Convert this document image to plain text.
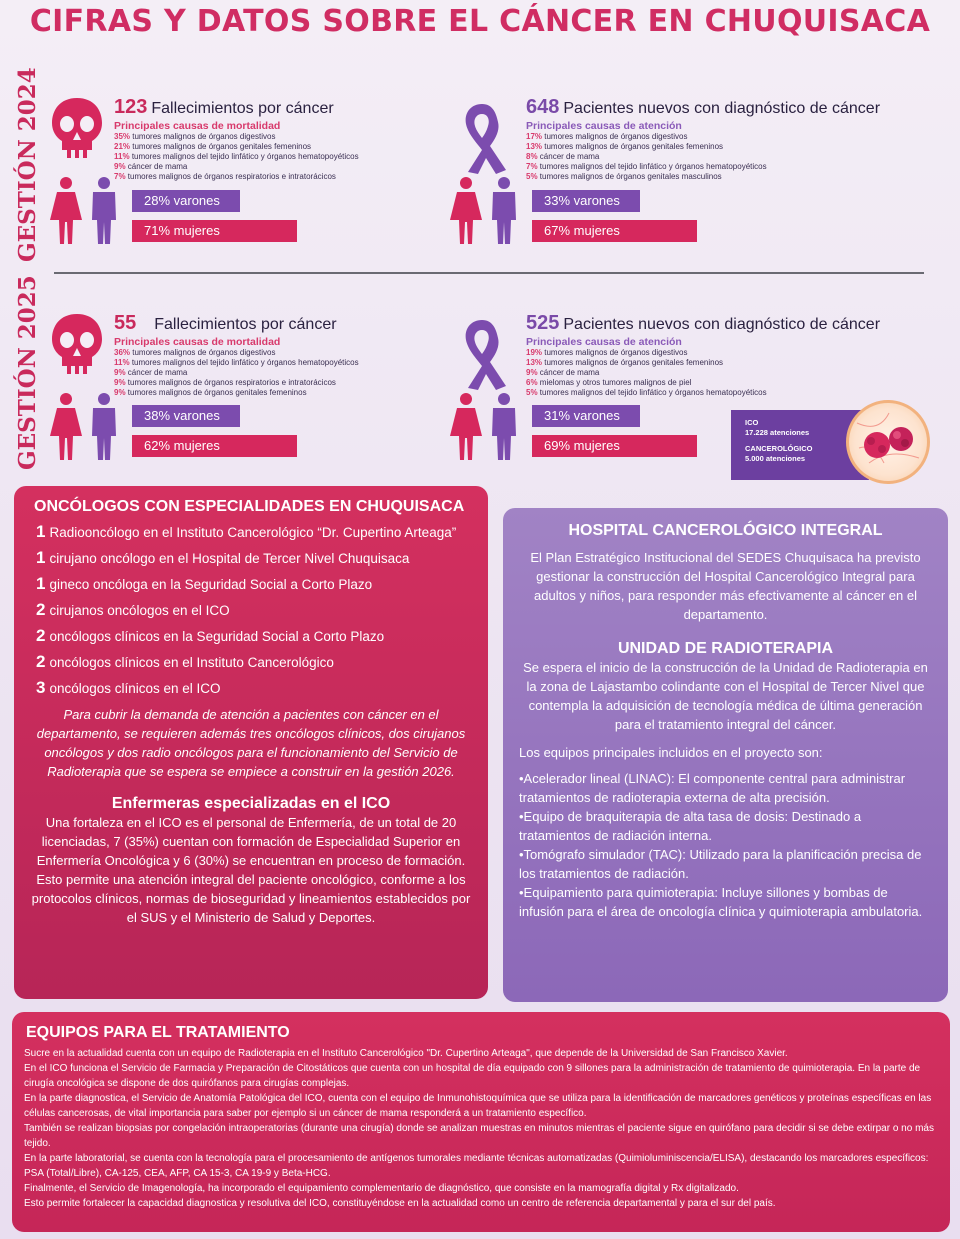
CIFRAS Y DATOS SOBRE EL CÁNCER EN CHUQUISACA
GESTIÓN 2024
GESTIÓN 2025
123 Fallecimientos por cáncer
Principales causas de mortalidad
35% tumores malignos de órganos digestivos
21% tumores malignos de órganos genitales femeninos
11% tumores malignos del tejido linfático y órganos hematopoyéticos
9% cáncer de mama
7% tumores malignos de órganos respiratorios e intratorácicos
28% varones
71% mujeres
648 Pacientes nuevos con diagnóstico de cáncer
Principales causas de atención
17% tumores malignos de órganos digestivos
13% tumores malignos de órganos genitales femeninos
8% cáncer de mama
7% tumores malignos del tejido linfático y órganos hematopoyéticos
5% tumores malignos de órganos genitales masculinos
33% varones
67% mujeres
55 Fallecimientos por cáncer
Principales causas de mortalidad
36% tumores malignos de órganos digestivos
11% tumores malignos del tejido linfático y órganos hematopoyéticos
9% cáncer de mama
9% tumores malignos de órganos respiratorios e intratorácicos
9% tumores malignos de órganos genitales femeninos
38% varones
62% mujeres
525 Pacientes nuevos con diagnóstico de cáncer
Principales causas de atención
19% tumores malignos de órganos digestivos
13% tumores malignos de órganos genitales femeninos
9% cáncer de mama
6% mielomas y otros tumores malignos de piel
5% tumores malignos del tejido linfático y órganos hematopoyéticos
31% varones
69% mujeres
ICO
17.228 atenciones
CANCEROLÓGICO
5.000 atenciones
ONCÓLOGOS CON ESPECIALIDADES EN CHUQUISACA
1 Radiooncólogo en el Instituto Cancerológico “Dr. Cupertino Arteaga”
1 cirujano oncólogo en el Hospital de Tercer Nivel Chuquisaca
1 gineco oncóloga en la Seguridad Social a Corto Plazo
2 cirujanos oncólogos en el ICO
2 oncólogos clínicos en la Seguridad Social a Corto Plazo
2 oncólogos clínicos en el Instituto Cancerológico
3 oncólogos clínicos en el ICO
Para cubrir la demanda de atención a pacientes con cáncer en el departamento, se requieren además tres oncólogos clínicos, dos cirujanos oncólogos y dos radio oncólogos para el funcionamiento del Servicio de Radioterapia que se espera se empiece a construir en la gestión 2026.
Enfermeras especializadas en el ICO
Una fortaleza en el ICO es el personal de Enfermería, de un total de 20 licenciadas, 7 (35%) cuentan con formación de Especialidad Superior en Enfermería Oncológica y 6 (30%) se encuentran en proceso de formación. Esto permite una atención integral del paciente oncológico, conforme a los protocolos clínicos, normas de bioseguridad y lineamientos establecidos por el SUS y el Ministerio de Salud y Deportes.
HOSPITAL CANCEROLÓGICO INTEGRAL
El Plan Estratégico Institucional del SEDES Chuquisaca ha previsto gestionar la construcción del Hospital Cancerológico Integral para adultos y niños, para responder más efectivamente al cáncer en el departamento.
UNIDAD DE RADIOTERAPIA
Se espera el inicio de la construcción de la Unidad de Radioterapia en la zona de Lajastambo colindante con el Hospital de Tercer Nivel que contempla la adquisición de tecnología médica de última generación para el tratamiento integral del cáncer.
Los equipos principales incluidos en el proyecto son:
•Acelerador lineal (LINAC): El componente central para administrar tratamientos de radioterapia externa de alta precisión.
•Equipo de braquiterapia de alta tasa de dosis: Destinado a tratamientos de radiación interna.
•Tomógrafo simulador (TAC): Utilizado para la planificación precisa de los tratamientos de radiación.
•Equipamiento para quimioterapia: Incluye sillones y bombas de infusión para el área de oncología clínica y quimioterapia ambulatoria.
EQUIPOS PARA EL TRATAMIENTO
Sucre en la actualidad cuenta con un equipo de Radioterapia en el Instituto Cancerológico "Dr. Cupertino Arteaga", que depende de la Universidad de San Francisco Xavier.
En el ICO funciona el Servicio de Farmacia y Preparación de Citostáticos que cuenta con un hospital de día equipado con 9 sillones para la administración de tratamiento de quimioterapia. En la parte de cirugía oncológica se dispone de dos quirófanos para cirugías complejas.
En la parte diagnostica, el Servicio de Anatomía Patológica del ICO, cuenta con el equipo de Inmunohistoquímica que se utiliza para la identificación de marcadores genéticos y proteínas específicas en las células cancerosas, de vital importancia para saber por ejemplo si un cáncer de mama responderá a un tratamiento específico.
También se realizan biopsias por congelación intraoperatorias (durante una cirugía) donde se analizan muestras en minutos mientras el paciente sigue en quirófano para decidir si se debe extirpar o no más tejido.
En la parte laboratorial, se cuenta con la tecnología para el procesamiento de antígenos tumorales mediante técnicas automatizadas (Quimioluminiscencia/ELISA), destacando los marcadores específicos: PSA (Total/Libre), CA-125, CEA, AFP, CA 15-3, CA 19-9 y Beta-HCG.
Finalmente, el Servicio de Imagenología, ha incorporado el equipamiento complementario de diagnóstico, que consiste en la mamografía digital y Rx digitalizado.
Esto permite fortalecer la capacidad diagnostica y resolutiva del ICO, constituyéndose en la actualidad como un centro de referencia departamental y para el sur del país.
